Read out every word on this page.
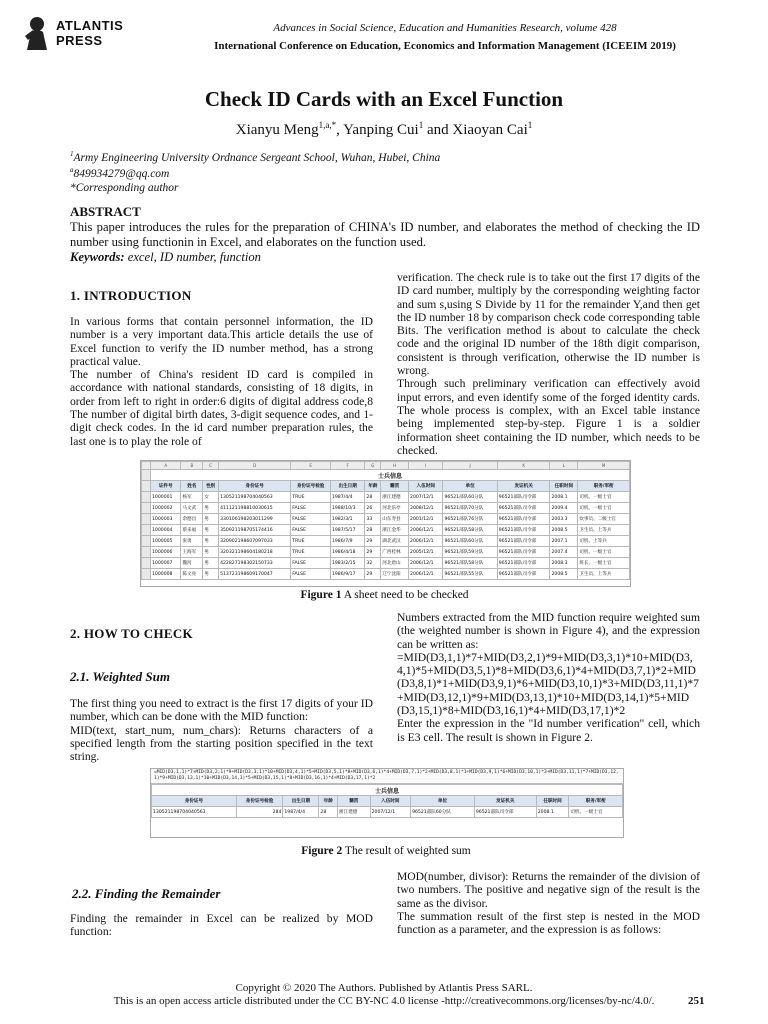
ATLANTIS
PRESS
Advances in Social Science, Education and Humanities Research, volume 428
International Conference on Education, Economics and Information Management (ICEEIM 2019)
Check ID Cards with an Excel Function
Xianyu Meng$^{1,a,*}$, Yanping Cui$^1$ and Xiaoyan Cai$^1$
$^1$Army Engineering University Ordnance Sergeant School, Wuhan, Hubei, China
$^a$849934279@qq.com
*Corresponding author
ABSTRACT
This paper introduces the rules for the preparation of CHINA's ID number, and elaborates the method of checking the ID number using functionin in Excel, and elaborates on the function used.
Keywords: excel, ID number, function
1. INTRODUCTION

In various forms that contain personnel information, the ID number is a very important data.This article details the use of Excel function to verify the ID number method, has a strong practical value.

The number of China's resident ID card is compiled in accordance with national standards, consisting of 18 digits, in order from left to right in order:6 digits of digital address code,8 The number of digital birth dates, 3-digit sequence codes, and 1-digit check codes. In the id card number preparation rules, the last one is to play the role of

verification. The check rule is to take out the first 17 digits of the ID card number, multiply by the corresponding weighting factor and sum s,using S Divide by 11 for the remainder Y,and then get the ID number 18 by comparison check code corresponding table Bits. The verification method is about to calculate the check code and the original ID number of the 18th digit comparison, consistent is through verification, otherwise the ID number is wrong.

Through such preliminary verification can effectively avoid input errors, and even identify some of the forged identity cards. The whole process is complex, with an Excel table instance being implemented step-by-step. Figure 1 is a soldier information sheet containing the ID number, which needs to be checked.

	A	B	C	D	E	F	G	H	I	J	K	L	M
	士兵信息												
	证件号	姓名	性别	身份证号	身份证号检验	出生日期	年龄	籍贯	入伍时间	单位	发证机关	任职时间	职务/军衔
	1000001	杨军	女	130521198704040563	TRUE	1987/4/4	28	浙江建德	2007/12/1	96521部队60分队	96521部队司令部	2008.1	司机、一级士官
	1000002	马文武	男	411121198810030615	FALSE	1988/10/3	26	河北乐亭	2008/12/1	96521部队70分队	96521部队司令部	2009.4	司机、一级士官
	1000003	余德昌	男	330106198203011299	FALSE	1982/3/1	33	山东寿县	2001/12/1	96521部队76分队	96521部队司令部	2003.3	炊事员、二级士官
	1000004	蔡来福	男	350921198705174416	FALSE	1987/5/17	28	浙江金华	2006/12/1	96521部队58分队	96521部队司令部	2008.5	卫生员、上等兵
	1000005	张勇	男	320902198607097033	TRUE	1986/7/9	29	湖北武汉	2006/12/1	96521部队60分队	96521部队司令部	2007.1	司机、上等兵
	1000006	王海军	男	320321198604180218	TRUE	1986/4/18	29	广西桂林	2005/12/1	96521部队59分队	96521部队司令部	2007.4	司机、一级士官
	1000007	魏河	男	422827198302150733	FALSE	1983/2/15	32	河北唐山	2006/12/1	96521部队58分队	96521部队司令部	2008.3	班长、一级士官
	1000008	陈文亮	男	513723198609170047	FALSE	1986/9/17	29	辽宁沈阳	2006/12/1	96521部队55分队	96521部队司令部	2008.5	卫生员、上等兵
Figure 1 A sheet need to be checked
2. HOW TO CHECK
2.1. Weighted Sum

The first thing you need to extract is the first 17 digits of your ID number, which can be done with the MID function:

MID(text, start_num, num_chars): Returns characters of a specified length from the starting position specified in the text string.

Numbers extracted from the MID function require weighted sum (the weighted number is shown in Figure 4), and the expression can be written as:

=MID(D3,1,1)*7+MID(D3,2,1)*9+MID(D3,3,1)*10+MID(D3,4,1)*5+MID(D3,5,1)*8+MID(D3,6,1)*4+MID(D3,7,1)*2+MID(D3,8,1)*1+MID(D3,9,1)*6+MID(D3,10,1)*3+MID(D3,11,1)*7+MID(D3,12,1)*9+MID(D3,13,1)*10+MID(D3,14,1)*5+MID(D3,15,1)*8+MID(D3,16,1)*4+MID(D3,17,1)*2

Enter the expression in the "Id number verification" cell, which is E3 cell. The result is shown in Figure 2.

=MID(D3,1,1)*7+MID(D3,2,1)*9+MID(D3,3,1)*10+MID(D3,4,1)*5+MID(D3,5,1)*8+MID(D3,6,1)*4+MID(D3,7,1)*2+MID(D3,8,1)*1+MID(D3,9,1)*6+MID(D3,10,1)*3+MID(D3,11,1)*7+MID(D3,12,1)*9+MID(D3,13,1)*10+MID(D3,14,1)*5+MID(D3,15,1)*8+MID(D3,16,1)*4+MID(D3,17,1)*2
士兵信息									
身份证号	身份证号检验	出生日期	年龄	籍贯	入伍时间	单位	发证机关	任职时间	职务/军衔
130521198704040563	284	1987/4/4	28	浙江建德	2007/12/1	96521部队60分队	96521部队司令部	2008.1	司机、一级士官
Figure 2 The result of weighted sum
2.2. Finding the Remainder

Finding the remainder in Excel can be realized by MOD function:

MOD(number, divisor): Returns the remainder of the division of two numbers. The positive and negative sign of the result is the same as the divisor.

The summation result of the first step is nested in the MOD function as a parameter, and the expression is as follows:

Copyright © 2020 The Authors. Published by Atlantis Press SARL.
This is an open access article distributed under the CC BY-NC 4.0 license -http://creativecommons.org/licenses/by-nc/4.0/.	251
